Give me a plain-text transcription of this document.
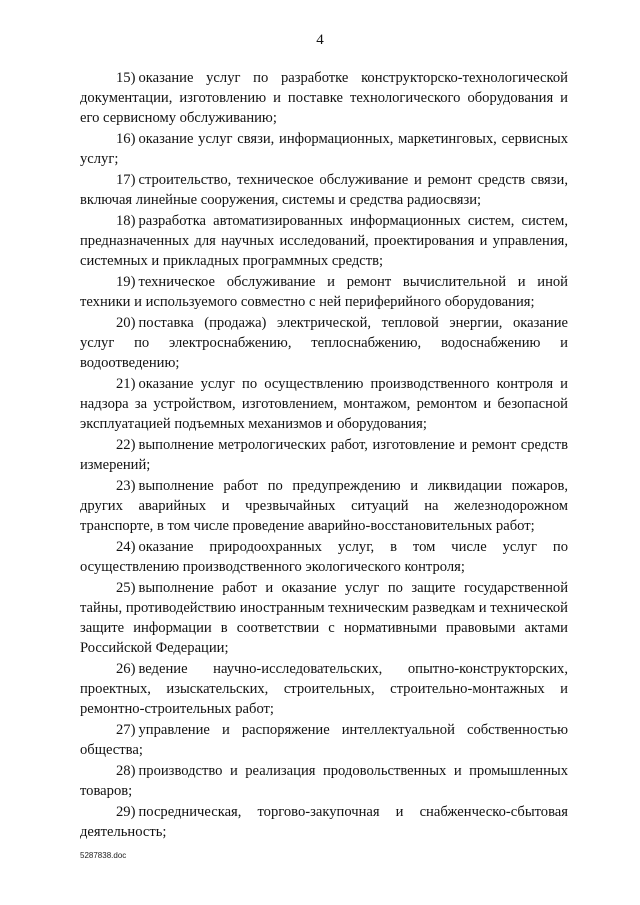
4

15) оказание услуг по разработке конструкторско-технологической документации, изготовлению и поставке технологического оборудования и его сервисному обслуживанию;

16) оказание услуг связи, информационных, маркетинговых, сервисных услуг;

17) строительство, техническое обслуживание и ремонт средств связи, включая линейные сооружения, системы и средства радиосвязи;

18) разработка автоматизированных информационных систем, систем, предназначенных для научных исследований, проектирования и управления, системных и прикладных программных средств;

19) техническое обслуживание и ремонт вычислительной и иной техники и используемого совместно с ней периферийного оборудования;

20) поставка (продажа) электрической, тепловой энергии, оказание услуг по электроснабжению, теплоснабжению, водоснабжению и водоотведению;

21) оказание услуг по осуществлению производственного контроля и надзора за устройством, изготовлением, монтажом, ремонтом и безопасной эксплуатацией подъемных механизмов и оборудования;

22) выполнение метрологических работ, изготовление и ремонт средств измерений;

23) выполнение работ по предупреждению и ликвидации пожаров, других аварийных и чрезвычайных ситуаций на железнодорожном транспорте, в том числе проведение аварийно-восстановительных работ;

24) оказание природоохранных услуг, в том числе услуг по осуществлению производственного экологического контроля;

25) выполнение работ и оказание услуг по защите государственной тайны, противодействию иностранным техническим разведкам и технической защите информации в соответствии с нормативными правовыми актами Российской Федерации;

26) ведение научно-исследовательских, опытно-конструкторских, проектных, изыскательских, строительных, строительно-монтажных и ремонтно-строительных работ;

27) управление и распоряжение интеллектуальной собственностью общества;

28) производство и реализация продовольственных и промышленных товаров;

29) посредническая, торгово-закупочная и снабженческо-сбытовая деятельность;

5287838.doc
